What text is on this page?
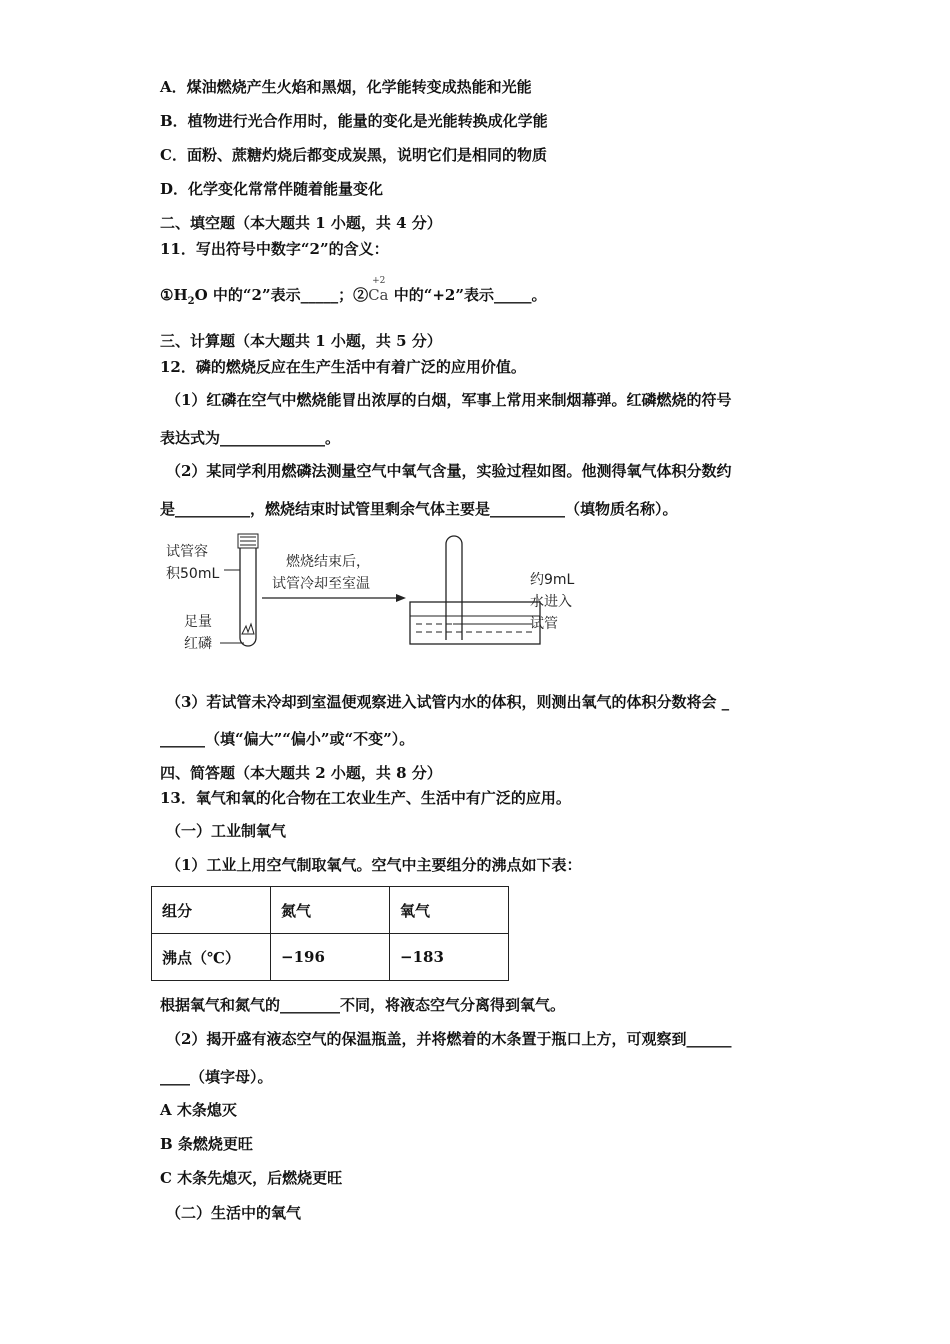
A．煤油燃烧产生火焰和黑烟，化学能转变成热能和光能
B．植物进行光合作用时，能量的变化是光能转换成化学能
C．面粉、蔗糖灼烧后都变成炭黑，说明它们是相同的物质
D．化学变化常常伴随着能量变化
二、填空题（本大题共 1 小题，共 4 分）
11．写出符号中数字“2”的含义：
$①H_2O$ 中的“2”表示_____；②
+2
Ca 中的“+2”表示_____。
三、计算题（本大题共 1 小题，共 5 分）
12．磷的燃烧反应在生产生活中有着广泛的应用价值。
（1）红磷在空气中燃烧能冒出浓厚的白烟，军事上常用来制烟幕弹。红磷燃烧的符号
表达式为______________。
（2）某同学利用燃磷法测量空气中氧气含量，实验过程如图。他测得氧气体积分数约
是__________，燃烧结束时试管里剩余气体主要是__________（填物质名称）。
试管容
积50mL
足量
红磷
燃烧结束后，
试管冷却至室温	约9mL
水进入
试管
（3）若试管未冷却到室温便观察进入试管内水的体积，则测出氧气的体积分数将会 _
______（填“偏大”“偏小”或“不变”）。
四、简答题（本大题共 2 小题，共 8 分）
13．氧气和氧的化合物在工农业生产、生活中有广泛的应用。
（一）工业制氧气
（1）工业上用空气制取氧气。空气中主要组分的沸点如下表：
组分	氮气	氧气
沸点（℃）	−196	−183
根据氧气和氮气的________不同，将液态空气分离得到氧气。
（2）揭开盛有液态空气的保温瓶盖，并将燃着的木条置于瓶口上方，可观察到______
____（填字母）。
A 木条熄灭
B 条燃烧更旺
C 木条先熄灭，后燃烧更旺
（二）生活中的氧气
